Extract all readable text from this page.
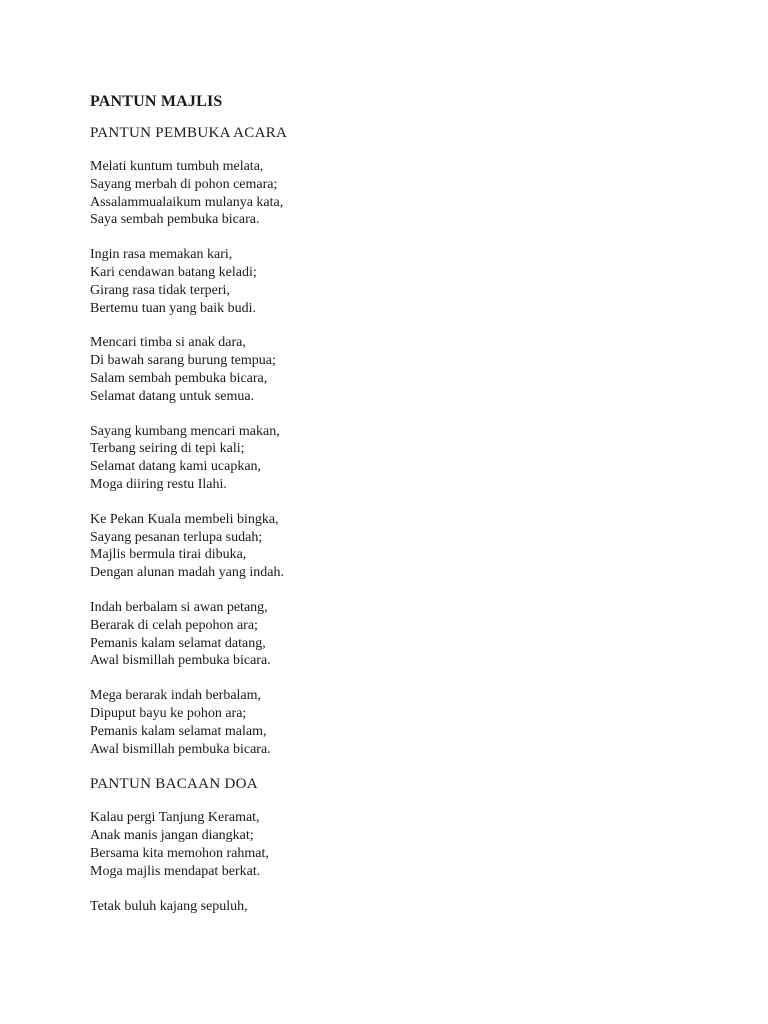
PANTUN MAJLIS
PANTUN PEMBUKA ACARA
Melati kuntum tumbuh melata,
Sayang merbah di pohon cemara;
Assalammualaikum mulanya kata,
Saya sembah pembuka bicara.
Ingin rasa memakan kari,
Kari cendawan batang keladi;
Girang rasa tidak terperi,
Bertemu tuan yang baik budi.
Mencari timba si anak dara,
Di bawah sarang burung tempua;
Salam sembah pembuka bicara,
Selamat datang untuk semua.
Sayang kumbang mencari makan,
Terbang seiring di tepi kali;
Selamat datang kami ucapkan,
Moga diiring restu Ilahi.
Ke Pekan Kuala membeli bingka,
Sayang pesanan terlupa sudah;
Majlis bermula tirai dibuka,
Dengan alunan madah yang indah.
Indah berbalam si awan petang,
Berarak di celah pepohon ara;
Pemanis kalam selamat datang,
Awal bismillah pembuka bicara.
Mega berarak indah berbalam,
Dipuput bayu ke pohon ara;
Pemanis kalam selamat malam,
Awal bismillah pembuka bicara.
PANTUN BACAAN DOA
Kalau pergi Tanjung Keramat,
Anak manis jangan diangkat;
Bersama kita memohon rahmat,
Moga majlis mendapat berkat.
Tetak buluh kajang sepuluh,
